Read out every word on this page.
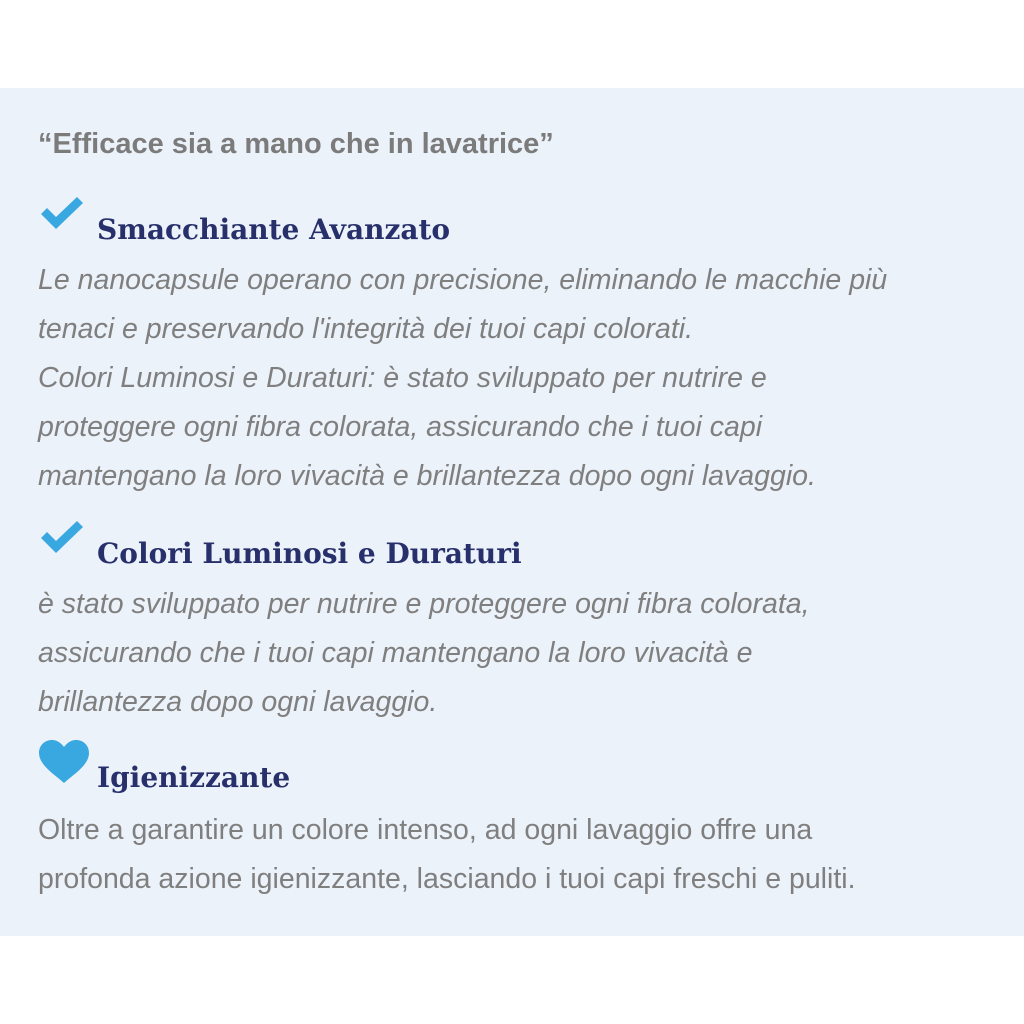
“Efficace sia a mano che in lavatrice”
Smacchiante Avanzato

Le nanocapsule operano con precisione, eliminando le macchie più
tenaci e preservando l'integrità dei tuoi capi colorati.
Colori Luminosi e Duraturi: è stato sviluppato per nutrire e
proteggere ogni fibra colorata, assicurando che i tuoi capi
mantengano la loro vivacità e brillantezza dopo ogni lavaggio.

Colori Luminosi e Duraturi

è stato sviluppato per nutrire e proteggere ogni fibra colorata,
assicurando che i tuoi capi mantengano la loro vivacità e
brillantezza dopo ogni lavaggio.

Igienizzante

Oltre a garantire un colore intenso, ad ogni lavaggio offre una
profonda azione igienizzante, lasciando i tuoi capi freschi e puliti.
